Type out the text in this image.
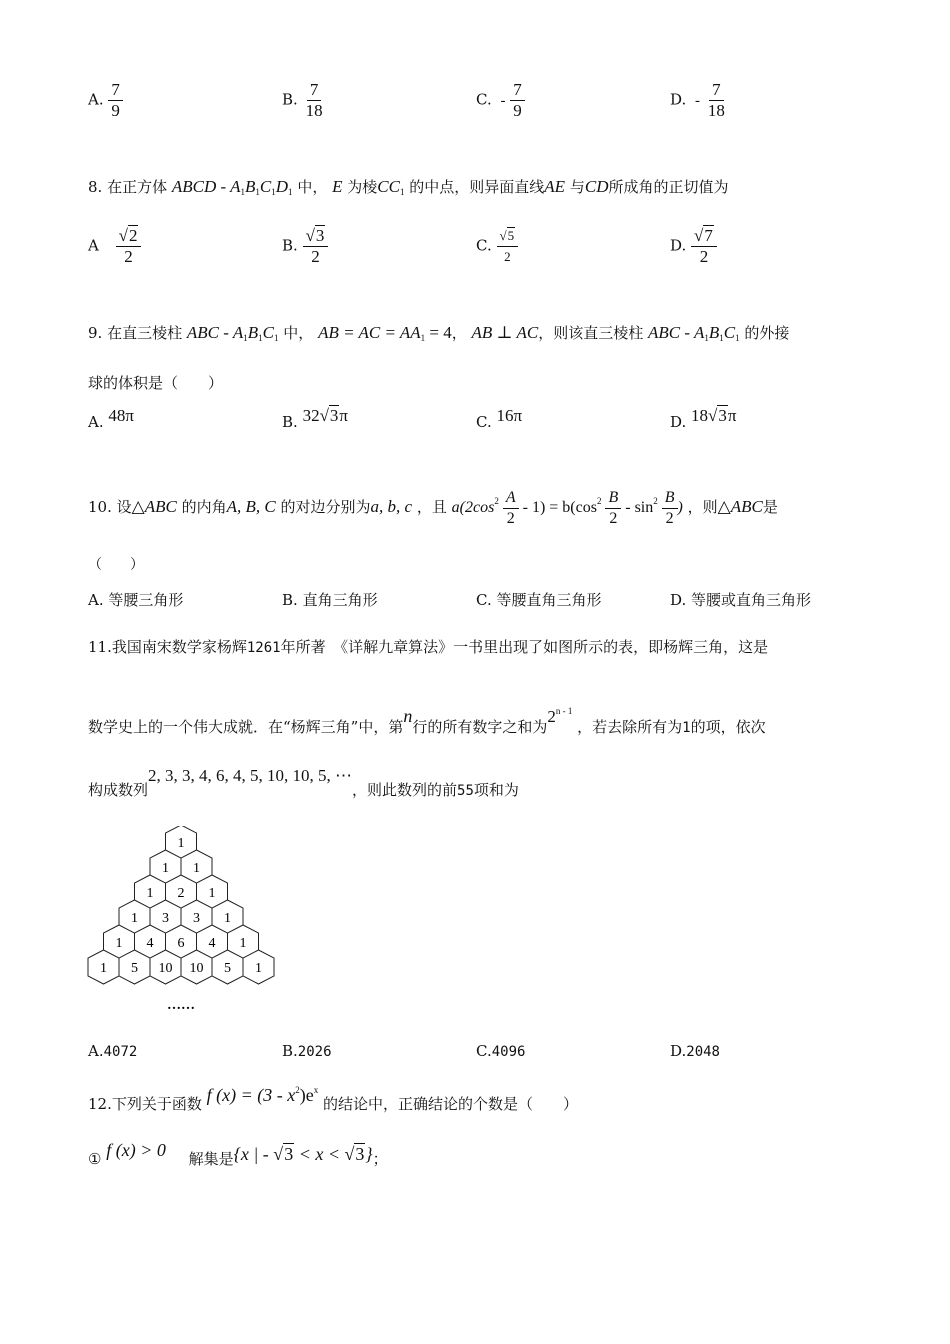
A. $\frac{7}{9}$	B. $\frac{7}{18}$	C. - $\frac{7}{9}$	D. - $\frac{7}{18}$
8. 在正方体 ABCD - $A_1B_1C_1D_1$ 中， E 为棱$CC_1$ 的中点，则异面直线AE 与CD所成角的正切值为
A $\frac{√2}{2}$	B. $\frac{√3}{2}$	C. $\frac{√5}{2}$	D. $\frac{√7}{2}$
9. 在直三棱柱 ABC - $A_1B_1C_1$ 中， AB = AC = $AA_1 = 4$， AB ⊥ AC，则该直三棱柱 ABC - $A_1B_1C_1$ 的外接
球的体积是（　　）
A. 48π	B. 32√3π	C. 16π	D. 18√3π
10. 设△ABC 的内角A, B, C 的对边分别为a, b, c ，且 $a(2\cos^2 \frac{A}{2} - 1) = b(\cos^2 \frac{B}{2} - \sin^2 \frac{B}{2}$ ) ，则△ABC是
（　　）
A. 等腰三角形	B. 直角三角形	C. 等腰直角三角形	D. 等腰或直角三角形
11.我国南宋数学家杨辉1261年所著　《详解九章算法》一书里出现了如图所示的表，即杨辉三角，这是
数学史上的一个伟大成就．在“杨辉三角”中，第n行的所有数字之和为2$^{n - 1}$ ，若去除所有为1的项，依次
构成数列2, 3, 3, 4, 6, 4, 5, 10, 10, 5, ⋯，则此数列的前55项和为
1
1 1
1 2 1
1 3 3 1
1 4 6 4 1
1 5 10 10 5 1
……
A.4072	B.2026	C.4096	D.2048
12.下列关于函数 f $(x) = (3 - x^2)e^x$ 的结论中，正确结论的个数是（　　）
① f (x) > 0 解集是{x | - √3 < x < √3}；
